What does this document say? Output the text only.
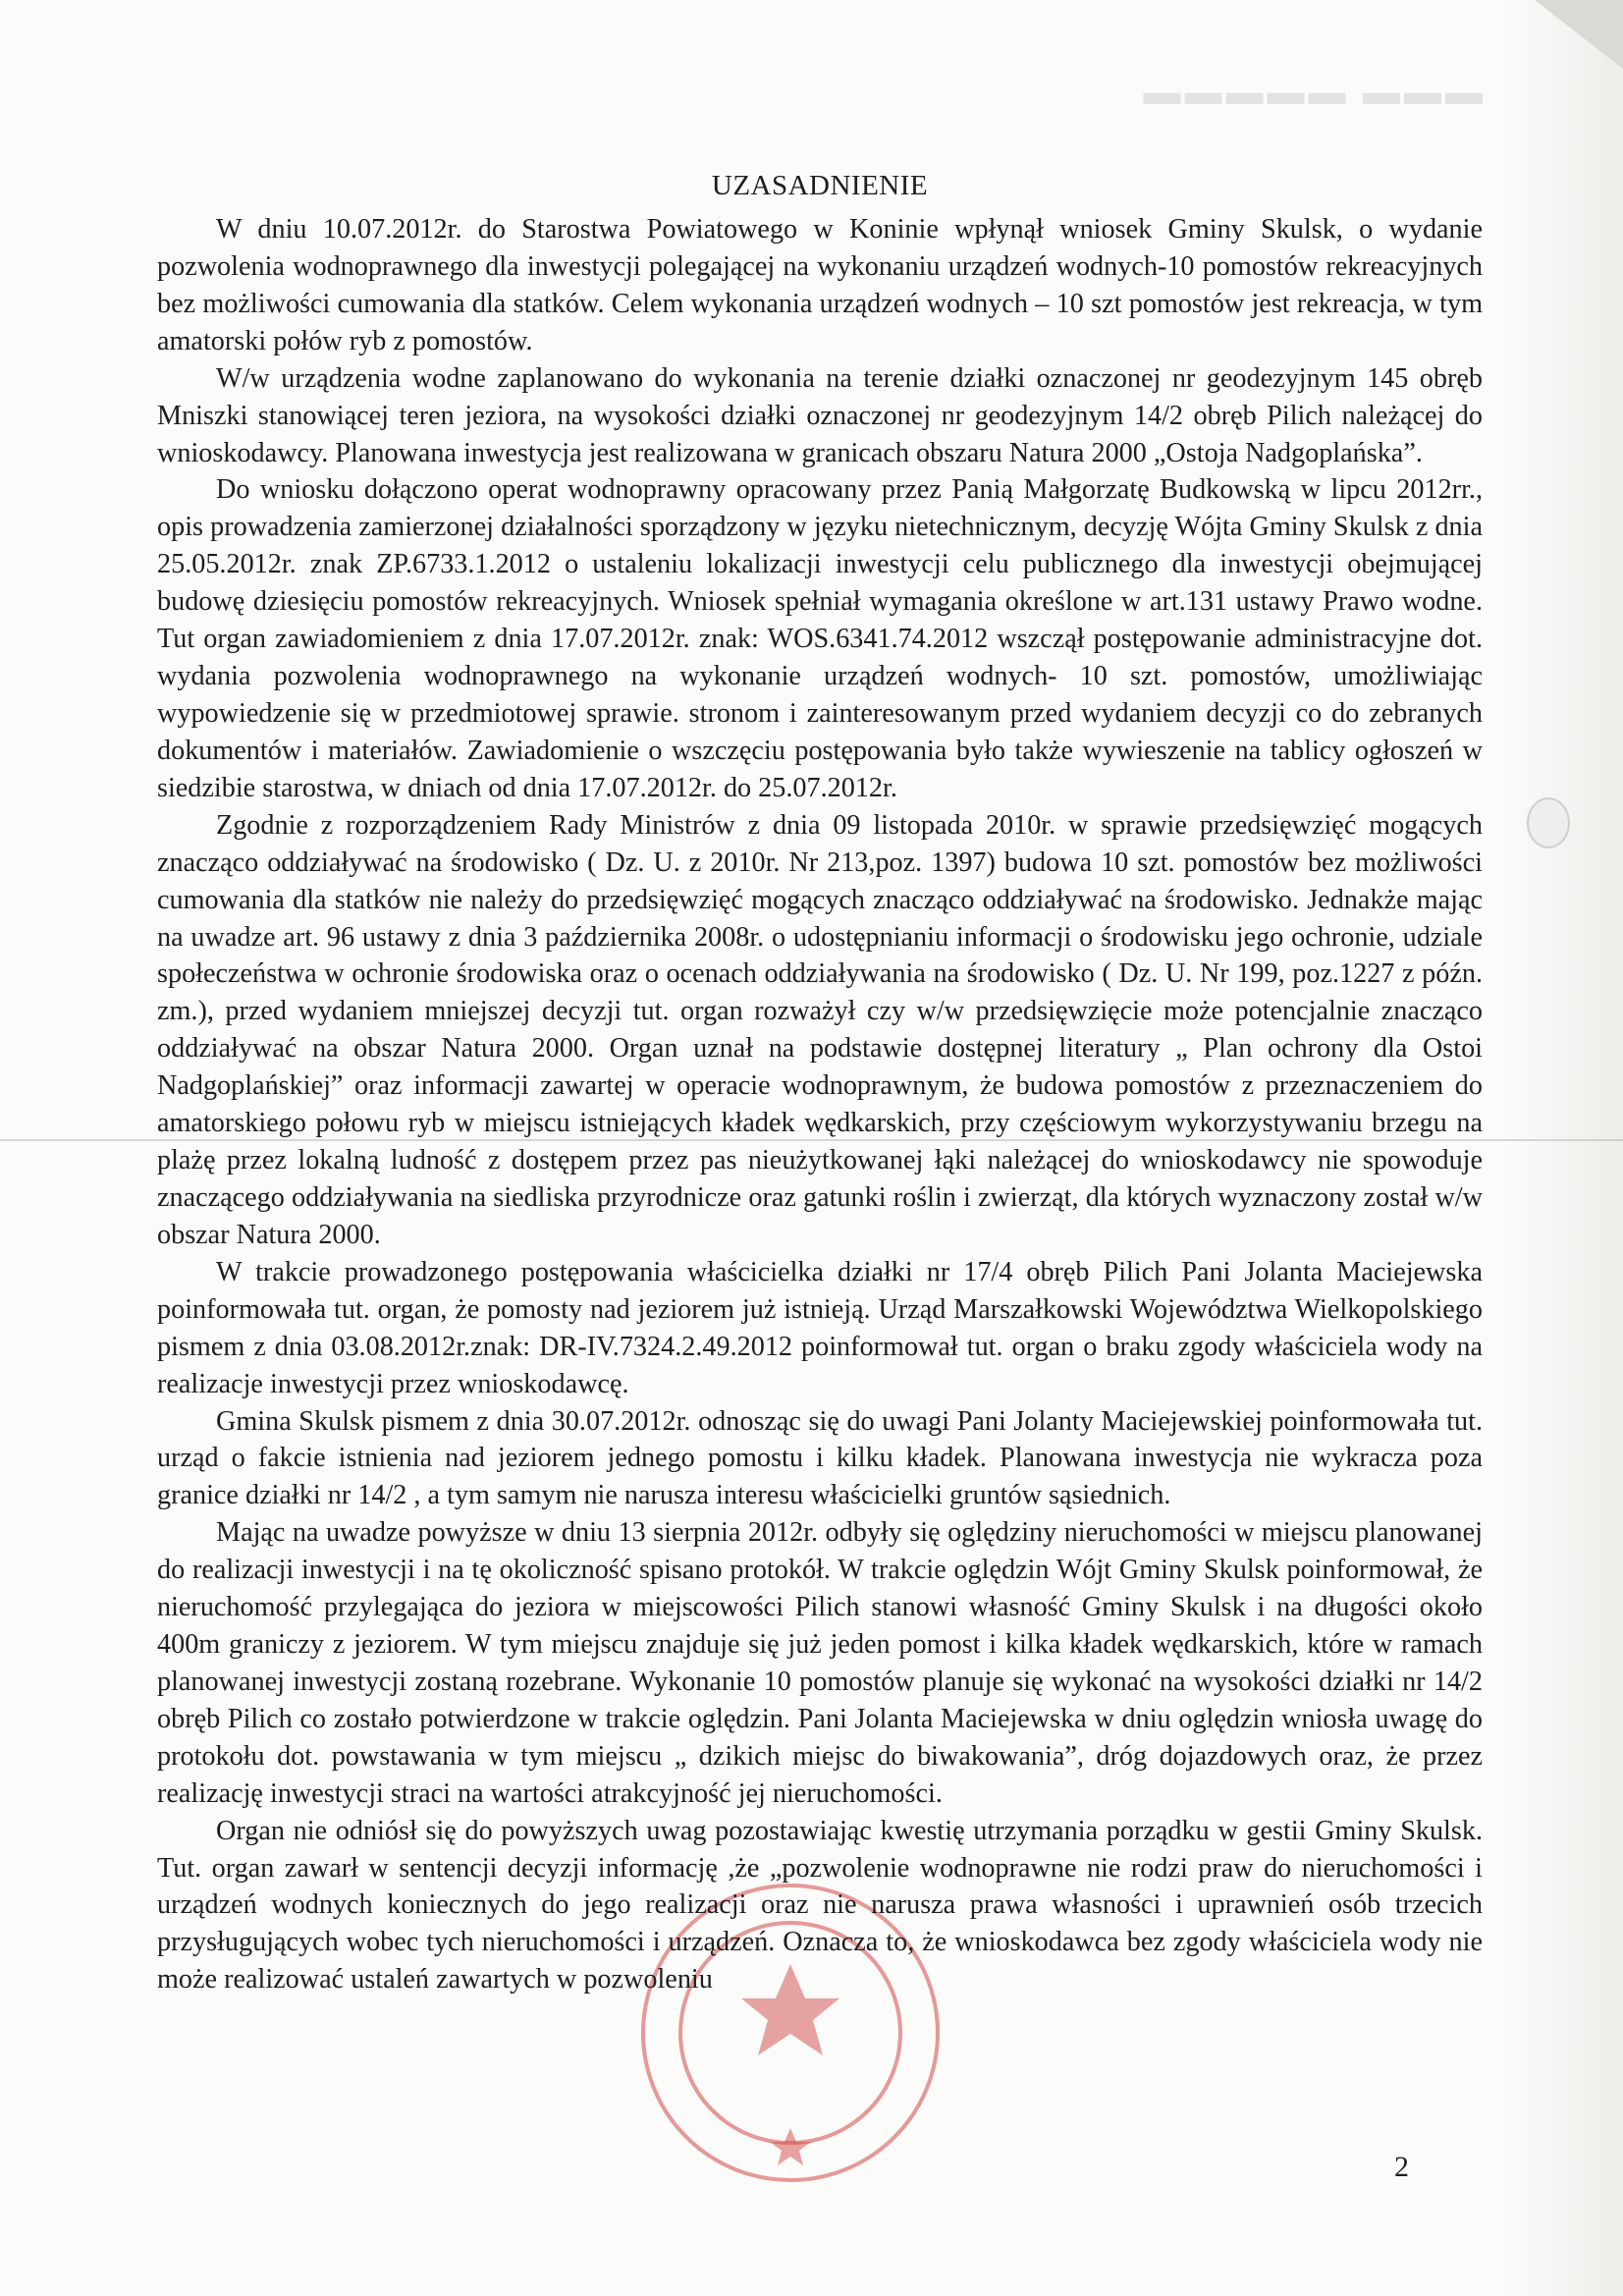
▬▬▬ ▬▬▬▬▬
UZASADNIENIE

W dniu 10.07.2012r. do Starostwa Powiatowego w Koninie wpłynął wniosek Gminy Skulsk, o wydanie pozwolenia wodnoprawnego dla inwestycji polegającej na wykonaniu urządzeń wodnych-10 pomostów rekreacyjnych bez możliwości cumowania dla statków. Celem wykonania urządzeń wodnych – 10 szt pomostów jest rekreacja, w tym amatorski połów ryb z pomostów.

W/w urządzenia wodne zaplanowano do wykonania na terenie działki oznaczonej nr geodezyjnym 145 obręb Mniszki stanowiącej teren jeziora, na wysokości działki oznaczonej nr geodezyjnym 14/2 obręb Pilich należącej do wnioskodawcy. Planowana inwestycja jest realizowana w granicach obszaru Natura 2000 „Ostoja Nadgoplańska”.

Do wniosku dołączono operat wodnoprawny opracowany przez Panią Małgorzatę Budkowską w lipcu 2012rr., opis prowadzenia zamierzonej działalności sporządzony w języku nietechnicznym, decyzję Wójta Gminy Skulsk z dnia 25.05.2012r. znak ZP.6733.1.2012 o ustaleniu lokalizacji inwestycji celu publicznego dla inwestycji obejmującej budowę dziesięciu pomostów rekreacyjnych. Wniosek spełniał wymagania określone w art.131 ustawy Prawo wodne. Tut organ zawiadomieniem z dnia 17.07.2012r. znak: WOS.6341.74.2012 wszczął postępowanie administracyjne dot. wydania pozwolenia wodnoprawnego na wykonanie urządzeń wodnych- 10 szt. pomostów, umożliwiając wypowiedzenie się w przedmiotowej sprawie. stronom i zainteresowanym przed wydaniem decyzji co do zebranych dokumentów i materiałów. Zawiadomienie o wszczęciu postępowania było także wywieszenie na tablicy ogłoszeń w siedzibie starostwa, w dniach od dnia 17.07.2012r. do 25.07.2012r.

Zgodnie z rozporządzeniem Rady Ministrów z dnia 09 listopada 2010r. w sprawie przedsięwzięć mogących znacząco oddziaływać na środowisko ( Dz. U. z 2010r. Nr 213,poz. 1397) budowa 10 szt. pomostów bez możliwości cumowania dla statków nie należy do przedsięwzięć mogących znacząco oddziaływać na środowisko. Jednakże mając na uwadze art. 96 ustawy z dnia 3 października 2008r. o udostępnianiu informacji o środowisku jego ochronie, udziale społeczeństwa w ochronie środowiska oraz o ocenach oddziaływania na środowisko ( Dz. U. Nr 199, poz.1227 z późn. zm.), przed wydaniem mniejszej decyzji tut. organ rozważył czy w/w przedsięwzięcie może potencjalnie znacząco oddziaływać na obszar Natura 2000. Organ uznał na podstawie dostępnej literatury „ Plan ochrony dla Ostoi Nadgoplańskiej” oraz informacji zawartej w operacie wodnoprawnym, że budowa pomostów z przeznaczeniem do amatorskiego połowu ryb w miejscu istniejących kładek wędkarskich, przy częściowym wykorzystywaniu brzegu na plażę przez lokalną ludność z dostępem przez pas nieużytkowanej łąki należącej do wnioskodawcy nie spowoduje znaczącego oddziaływania na siedliska przyrodnicze oraz gatunki roślin i zwierząt, dla których wyznaczony został w/w obszar Natura 2000.

W trakcie prowadzonego postępowania właścicielka działki nr 17/4 obręb Pilich Pani Jolanta Maciejewska poinformowała tut. organ, że pomosty nad jeziorem już istnieją. Urząd Marszałkowski Województwa Wielkopolskiego pismem z dnia 03.08.2012r.znak: DR-IV.7324.2.49.2012 poinformował tut. organ o braku zgody właściciela wody na realizacje inwestycji przez wnioskodawcę.

Gmina Skulsk pismem z dnia 30.07.2012r. odnosząc się do uwagi Pani Jolanty Maciejewskiej poinformowała tut. urząd o fakcie istnienia nad jeziorem jednego pomostu i kilku kładek. Planowana inwestycja nie wykracza poza granice działki nr 14/2 , a tym samym nie narusza interesu właścicielki gruntów sąsiednich.

Mając na uwadze powyższe w dniu 13 sierpnia 2012r. odbyły się oględziny nieruchomości w miejscu planowanej do realizacji inwestycji i na tę okoliczność spisano protokół. W trakcie oględzin Wójt Gminy Skulsk poinformował, że nieruchomość przylegająca do jeziora w miejscowości Pilich stanowi własność Gminy Skulsk i na długości około 400m graniczy z jeziorem. W tym miejscu znajduje się już jeden pomost i kilka kładek wędkarskich, które w ramach planowanej inwestycji zostaną rozebrane. Wykonanie 10 pomostów planuje się wykonać na wysokości działki nr 14/2 obręb Pilich co zostało potwierdzone w trakcie oględzin. Pani Jolanta Maciejewska w dniu oględzin wniosła uwagę do protokołu dot. powstawania w tym miejscu „ dzikich miejsc do biwakowania”, dróg dojazdowych oraz, że przez realizację inwestycji straci na wartości atrakcyjność jej nieruchomości.

Organ nie odniósł się do powyższych uwag pozostawiając kwestię utrzymania porządku w gestii Gminy Skulsk. Tut. organ zawarł w sentencji decyzji informację ,że „pozwolenie wodnoprawne nie rodzi praw do nieruchomości i urządzeń wodnych koniecznych do jego realizacji oraz nie narusza prawa własności i uprawnień osób trzecich przysługujących wobec tych nieruchomości i urządzeń. Oznacza to, że wnioskodawca bez zgody właściciela wody nie może realizować ustaleń zawartych w pozwoleniu

2
